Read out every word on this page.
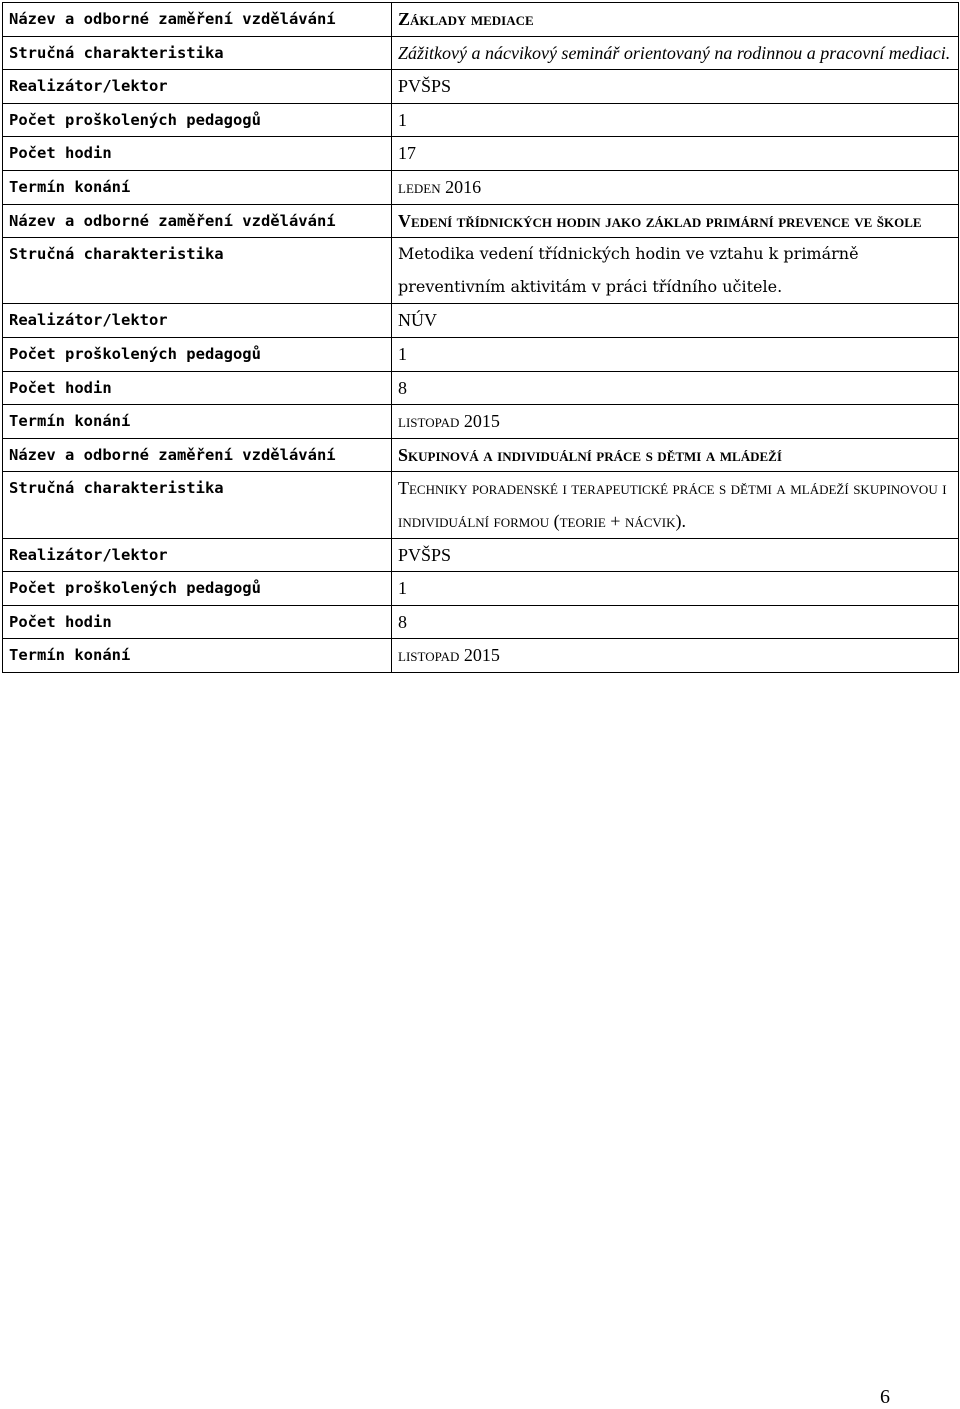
Název a odborné zaměření vzdělávání	Základy mediace
Stručná charakteristika	Zážitkový a nácvikový seminář orientovaný na rodinnou a pracovní mediaci.
Realizátor/lektor	PVŠPS
Počet proškolených pedagogů	1
Počet hodin	17
Termín konání	leden 2016
Název a odborné zaměření vzdělávání	Vedení třídnických hodin jako základ primární prevence ve škole
Stručná charakteristika	Metodika vedení třídnických hodin ve vztahu k primárně preventivním aktivitám v práci třídního učitele.
Realizátor/lektor	NÚV
Počet proškolených pedagogů	1
Počet hodin	8
Termín konání	listopad 2015
Název a odborné zaměření vzdělávání	Skupinová a individuální práce s dětmi a mládeží
Stručná charakteristika	Techniky poradenské i terapeutické práce s dětmi a mládeží skupinovou i individuální formou (teorie + nácvik).
Realizátor/lektor	PVŠPS
Počet proškolených pedagogů	1
Počet hodin	8
Termín konání	listopad 2015
6
